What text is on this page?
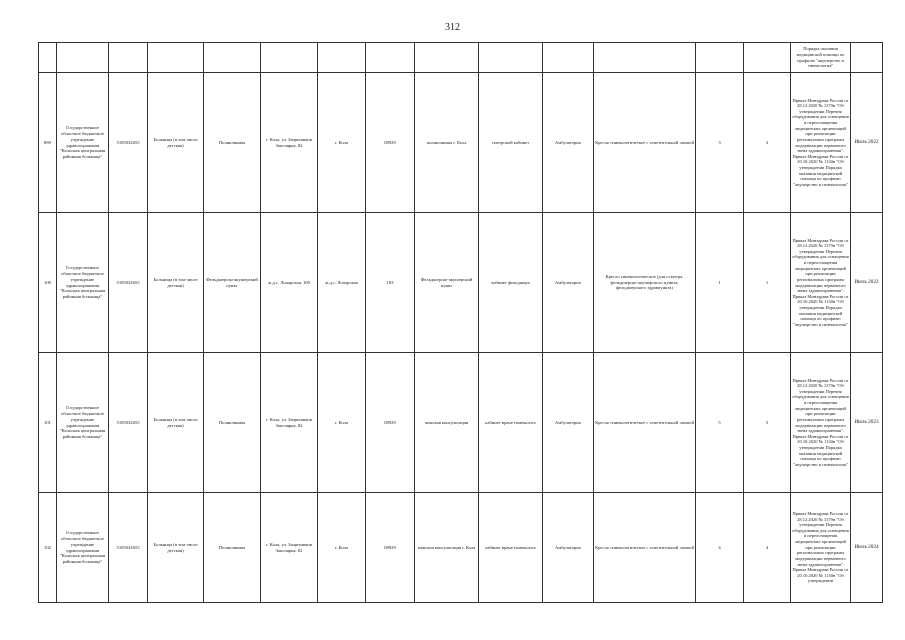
312
														Порядка оказания медицинской помощи по профилю "акушерство и гинекология"	
869	Государственное областное бюджетное учреждение здравоохранения "Кольская центральная районная больница"	5105032655	Больница (в том числе детская)	Поликлиника	г. Кола, ул. Защитников Заполярья, 82	г. Кола	08929	поликлиника г. Кола	смотровой кабинет	Амбулаторно	Кресло гинекологическое с осветительной лампой	3	3	Приказ Минздрава России от 28.12.2020 № 1379н "Об утверждении Перечня оборудования для оснащения и переоснащения медицинских организаций при реализации региональных программ модернизации первичного звена здравоохранения". Приказ Минздрава России от 20.10.2020 № 1130н "Об утверждении Порядка оказания медицинской помощи по профилю "акушерство и гинекология"	Июль 2022
100	Государственное областное бюджетное учреждение здравоохранения "Кольская центральная районная больница"	5105032655	Больница (в том числе детская)	Фельдшерско-акушерский пункт	ж.д.с. Лопарская, 100	ж.д.с. Лопарская	183	Фельдшерско-акушерский пункт	кабинет фельдшера	Амбулаторно	Кресло гинекологическое (для осмотра, фельдшерско-акушерского пункта, фельдшерского здравпункта)	1	1	Приказ Минздрава России от 28.12.2020 № 1379н "Об утверждении Перечня оборудования для оснащения и переоснащения медицинских организаций при реализации региональных программ модернизации первичного звена здравоохранения". Приказ Минздрава России от 20.10.2020 № 1130н "Об утверждении Порядка оказания медицинской помощи по профилю "акушерство и гинекология"	Июль 2022
101	Государственное областное бюджетное учреждение здравоохранения "Кольская центральная районная больница"	5105032655	Больница (в том числе детская)	Поликлиника	г. Кола, ул. Защитников Заполярья, 82	г. Кола	08929	женская консультация	кабинет врача-гинеколога	Амбулаторно	Кресло гинекологическое с осветительной лампой	5	5	Приказ Минздрава России от 28.12.2020 № 1379н "Об утверждении Перечня оборудования для оснащения и переоснащения медицинских организаций при реализации региональных программ модернизации первичного звена здравоохранения". Приказ Минздрава России от 20.10.2020 № 1130н "Об утверждении Порядка оказания медицинской помощи по профилю "акушерство и гинекология"	Июль 2023
102	Государственное областное бюджетное учреждение здравоохранения "Кольская центральная районная больница"	5105032655	Больница (в том числе детская)	Поликлиника	г. Кола, ул. Защитников Заполярья, 82	г. Кола	08929	женская консультация г. Кола	кабинет врача-гинеколога	Амбулаторно	Кресло гинекологическое с осветительной лампой	4	4	Приказ Минздрава России от 28.12.2020 № 1379н "Об утверждении Перечня оборудования для оснащения и переоснащения медицинских организаций при реализации региональных программ модернизации первичного звена здравоохранения". Приказ Минздрава России от 20.10.2020 № 1130н "Об утверждении	Июль 2024
